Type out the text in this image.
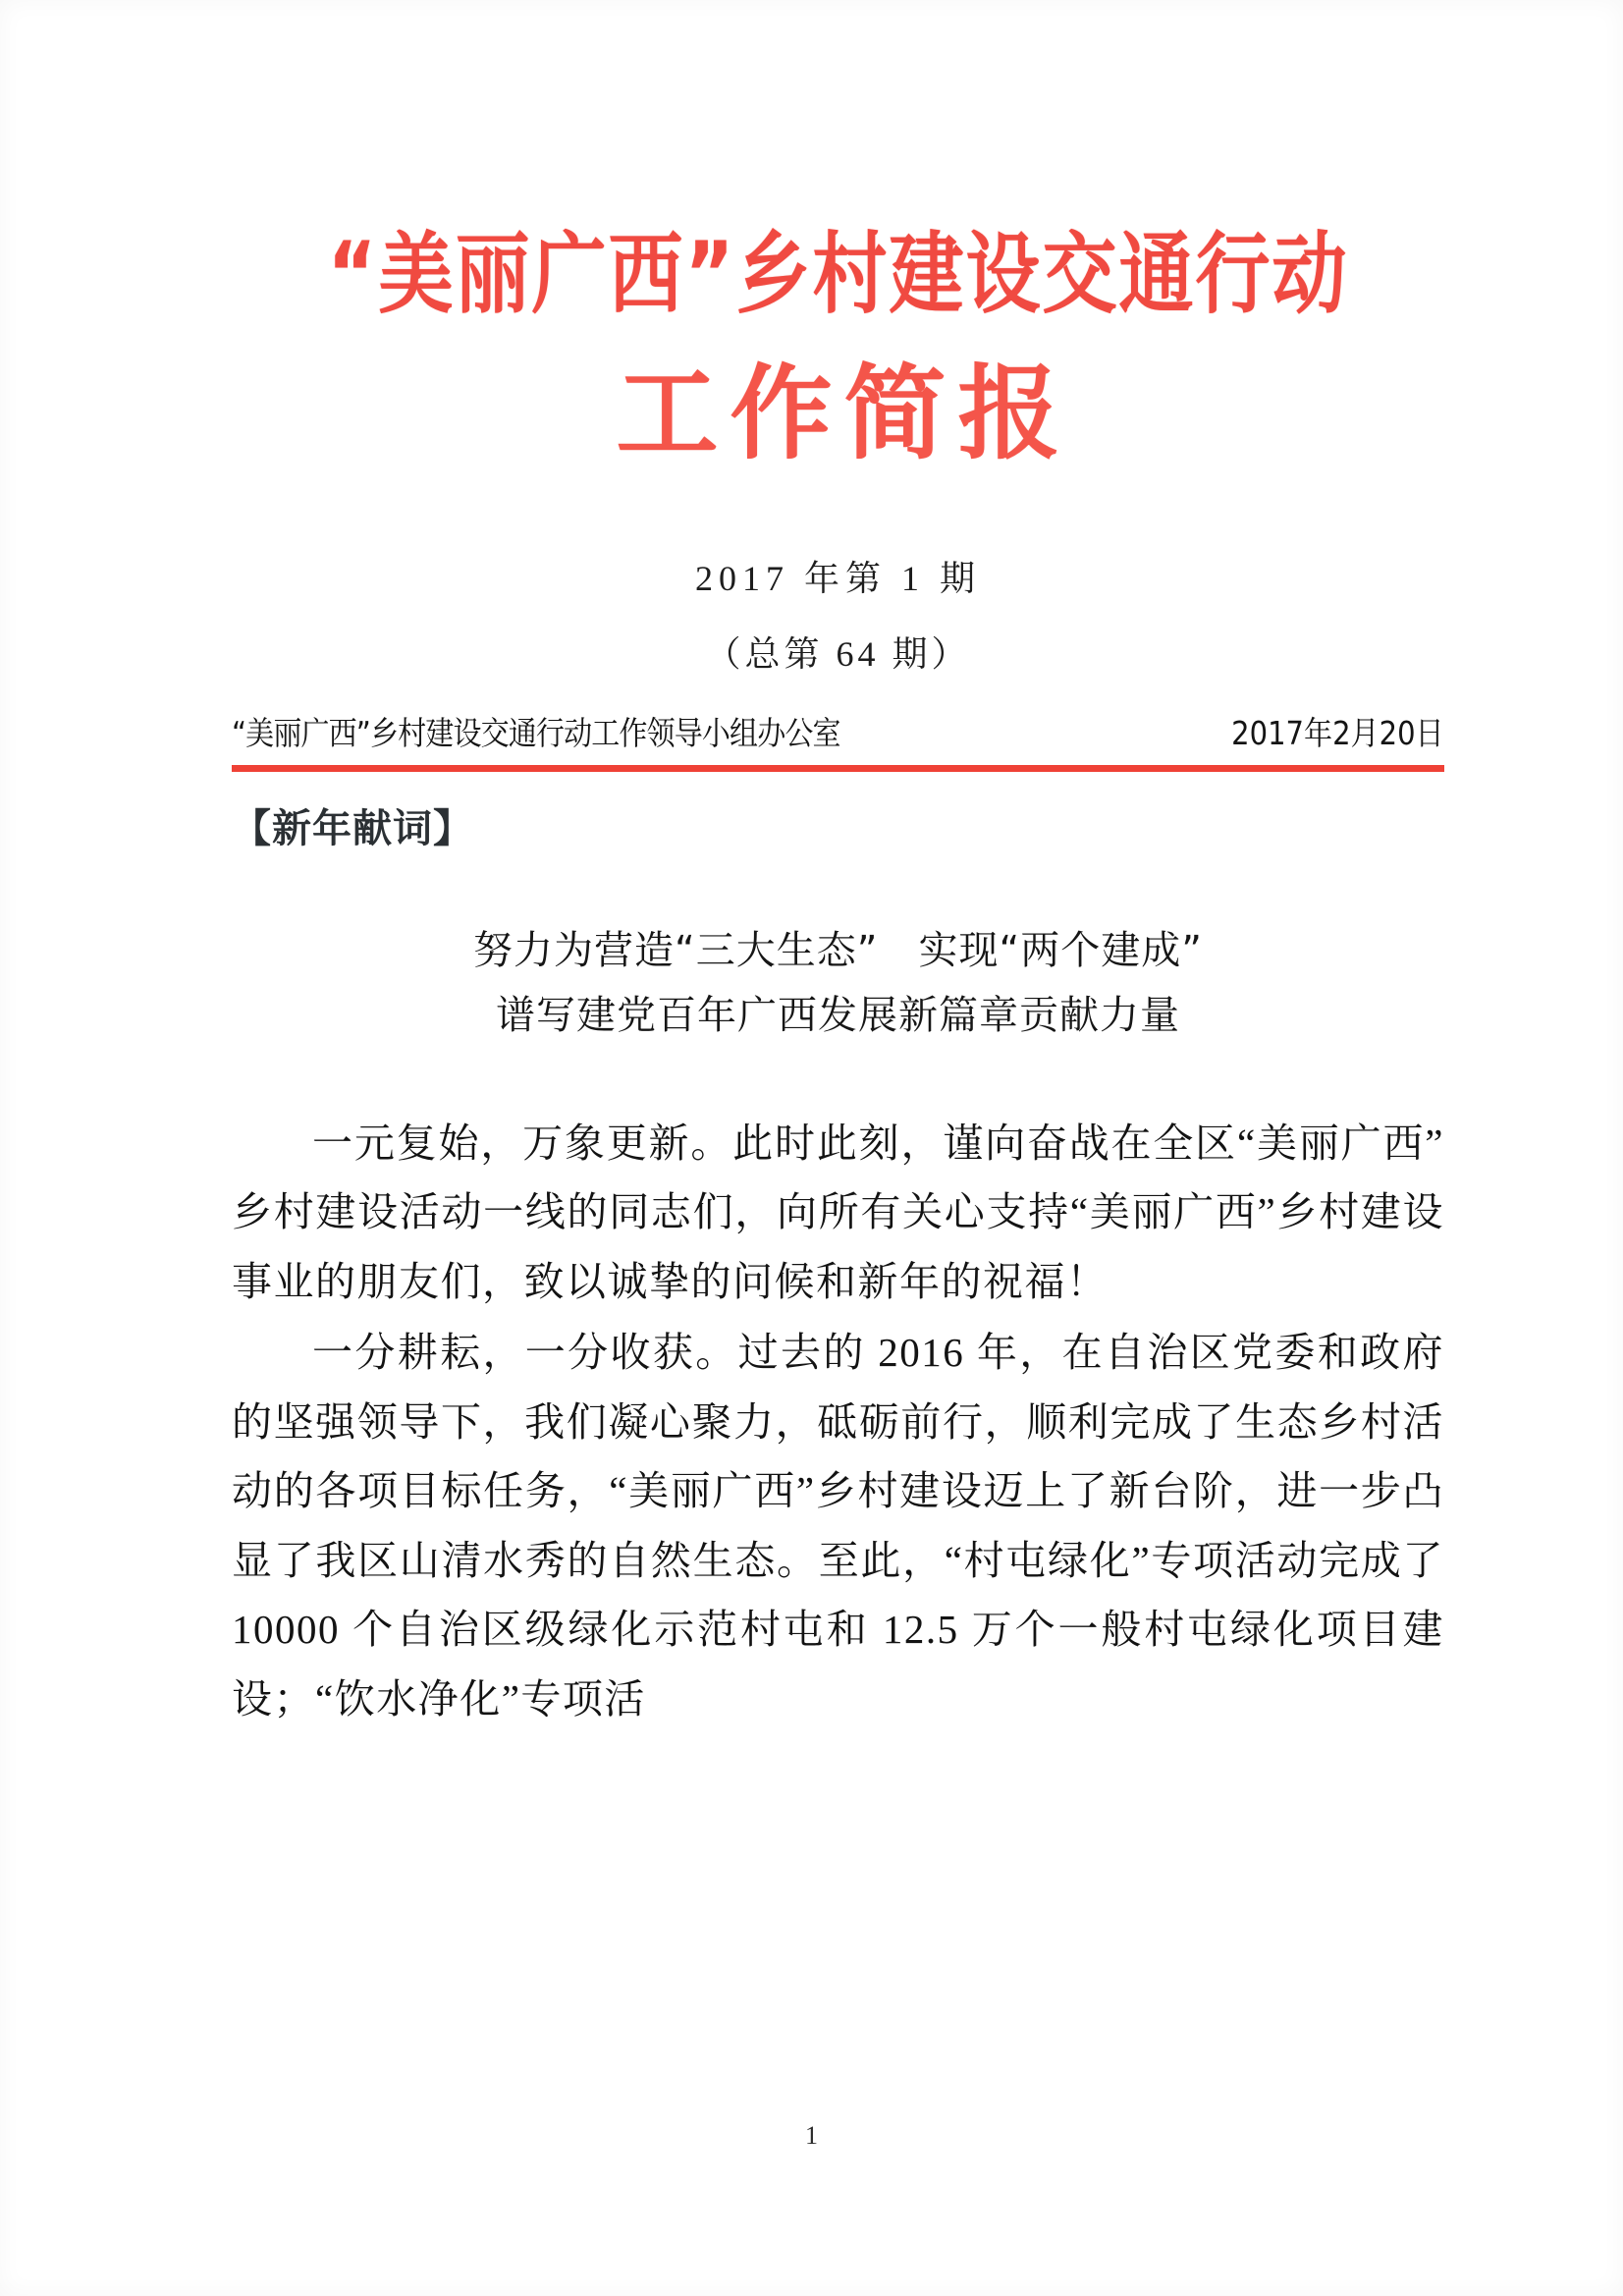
“美丽广西”乡村建设交通行动
工作简报
2017 年第 1 期
（总第 64 期）
“美丽广西”乡村建设交通行动工作领导小组办公室	2017年2月20日
【新年献词】
努力为营造“三大生态”　实现“两个建成”
谱写建党百年广西发展新篇章贡献力量

一元复始，万象更新。此时此刻，谨向奋战在全区“美丽广西”乡村建设活动一线的同志们，向所有关心支持“美丽广西”乡村建设事业的朋友们，致以诚挚的问候和新年的祝福！

一分耕耘，一分收获。过去的 2016 年，在自治区党委和政府的坚强领导下，我们凝心聚力，砥砺前行，顺利完成了生态乡村活动的各项目标任务，“美丽广西”乡村建设迈上了新台阶，进一步凸显了我区山清水秀的自然生态。至此，“村屯绿化”专项活动完成了 10000 个自治区级绿化示范村屯和 12.5 万个一般村屯绿化项目建设；“饮水净化”专项活

1
